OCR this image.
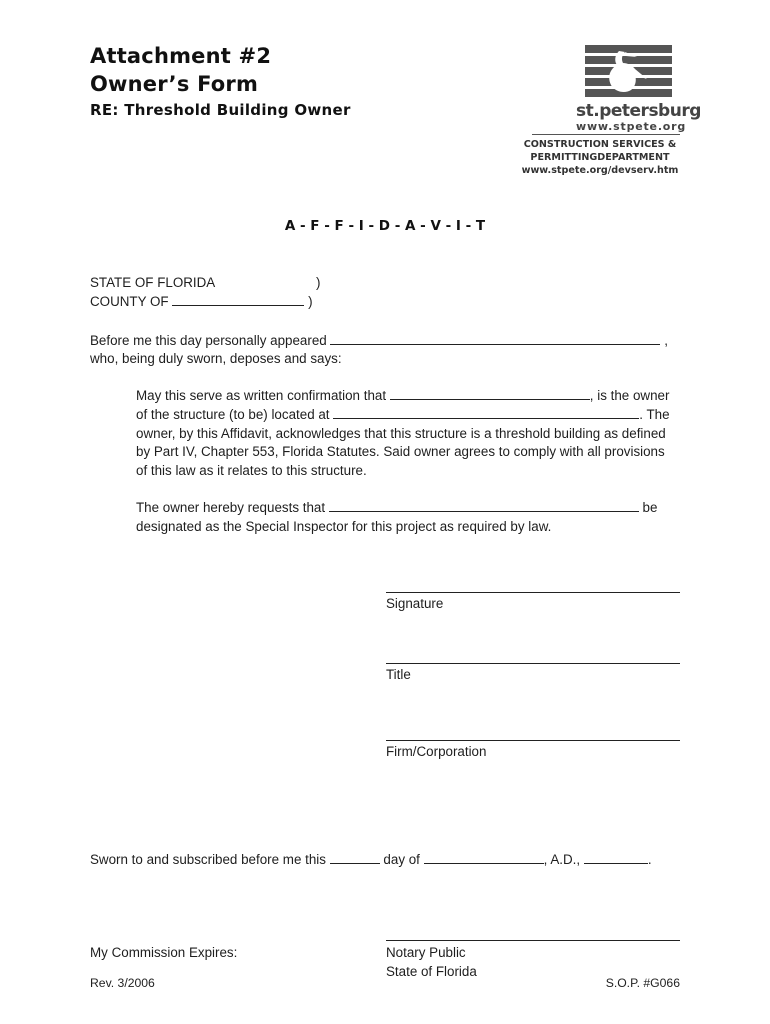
Attachment #2
Owner’s Form
RE: Threshold Building Owner	st.petersburg
www.stpete.org
CONSTRUCTION SERVICES &
PERMITTINGDEPARTMENT
www.stpete.org/devserv.htm
A - F - F - I - D - A - V - I - T
STATE OF FLORIDA	)
COUNTY OF	)
Before me this day personally appeared	,
who, being duly sworn, deposes and says:
May this serve as written confirmation that	, is the owner
of the structure (to be) located at	. The
owner, by this Affidavit, acknowledges that this structure is a threshold building as defined
by Part IV, Chapter 553, Florida Statutes. Said owner agrees to comply with all provisions
of this law as it relates to this structure.
The owner hereby requests that	be
designated as the Special Inspector for this project as required by law.
Signature
Title
Firm/Corporation
Sworn to and subscribed before me this	day of	, A.D.,	.
My Commission Expires:	Notary Public
State of Florida
Rev. 3/2006	S.O.P. #G066
